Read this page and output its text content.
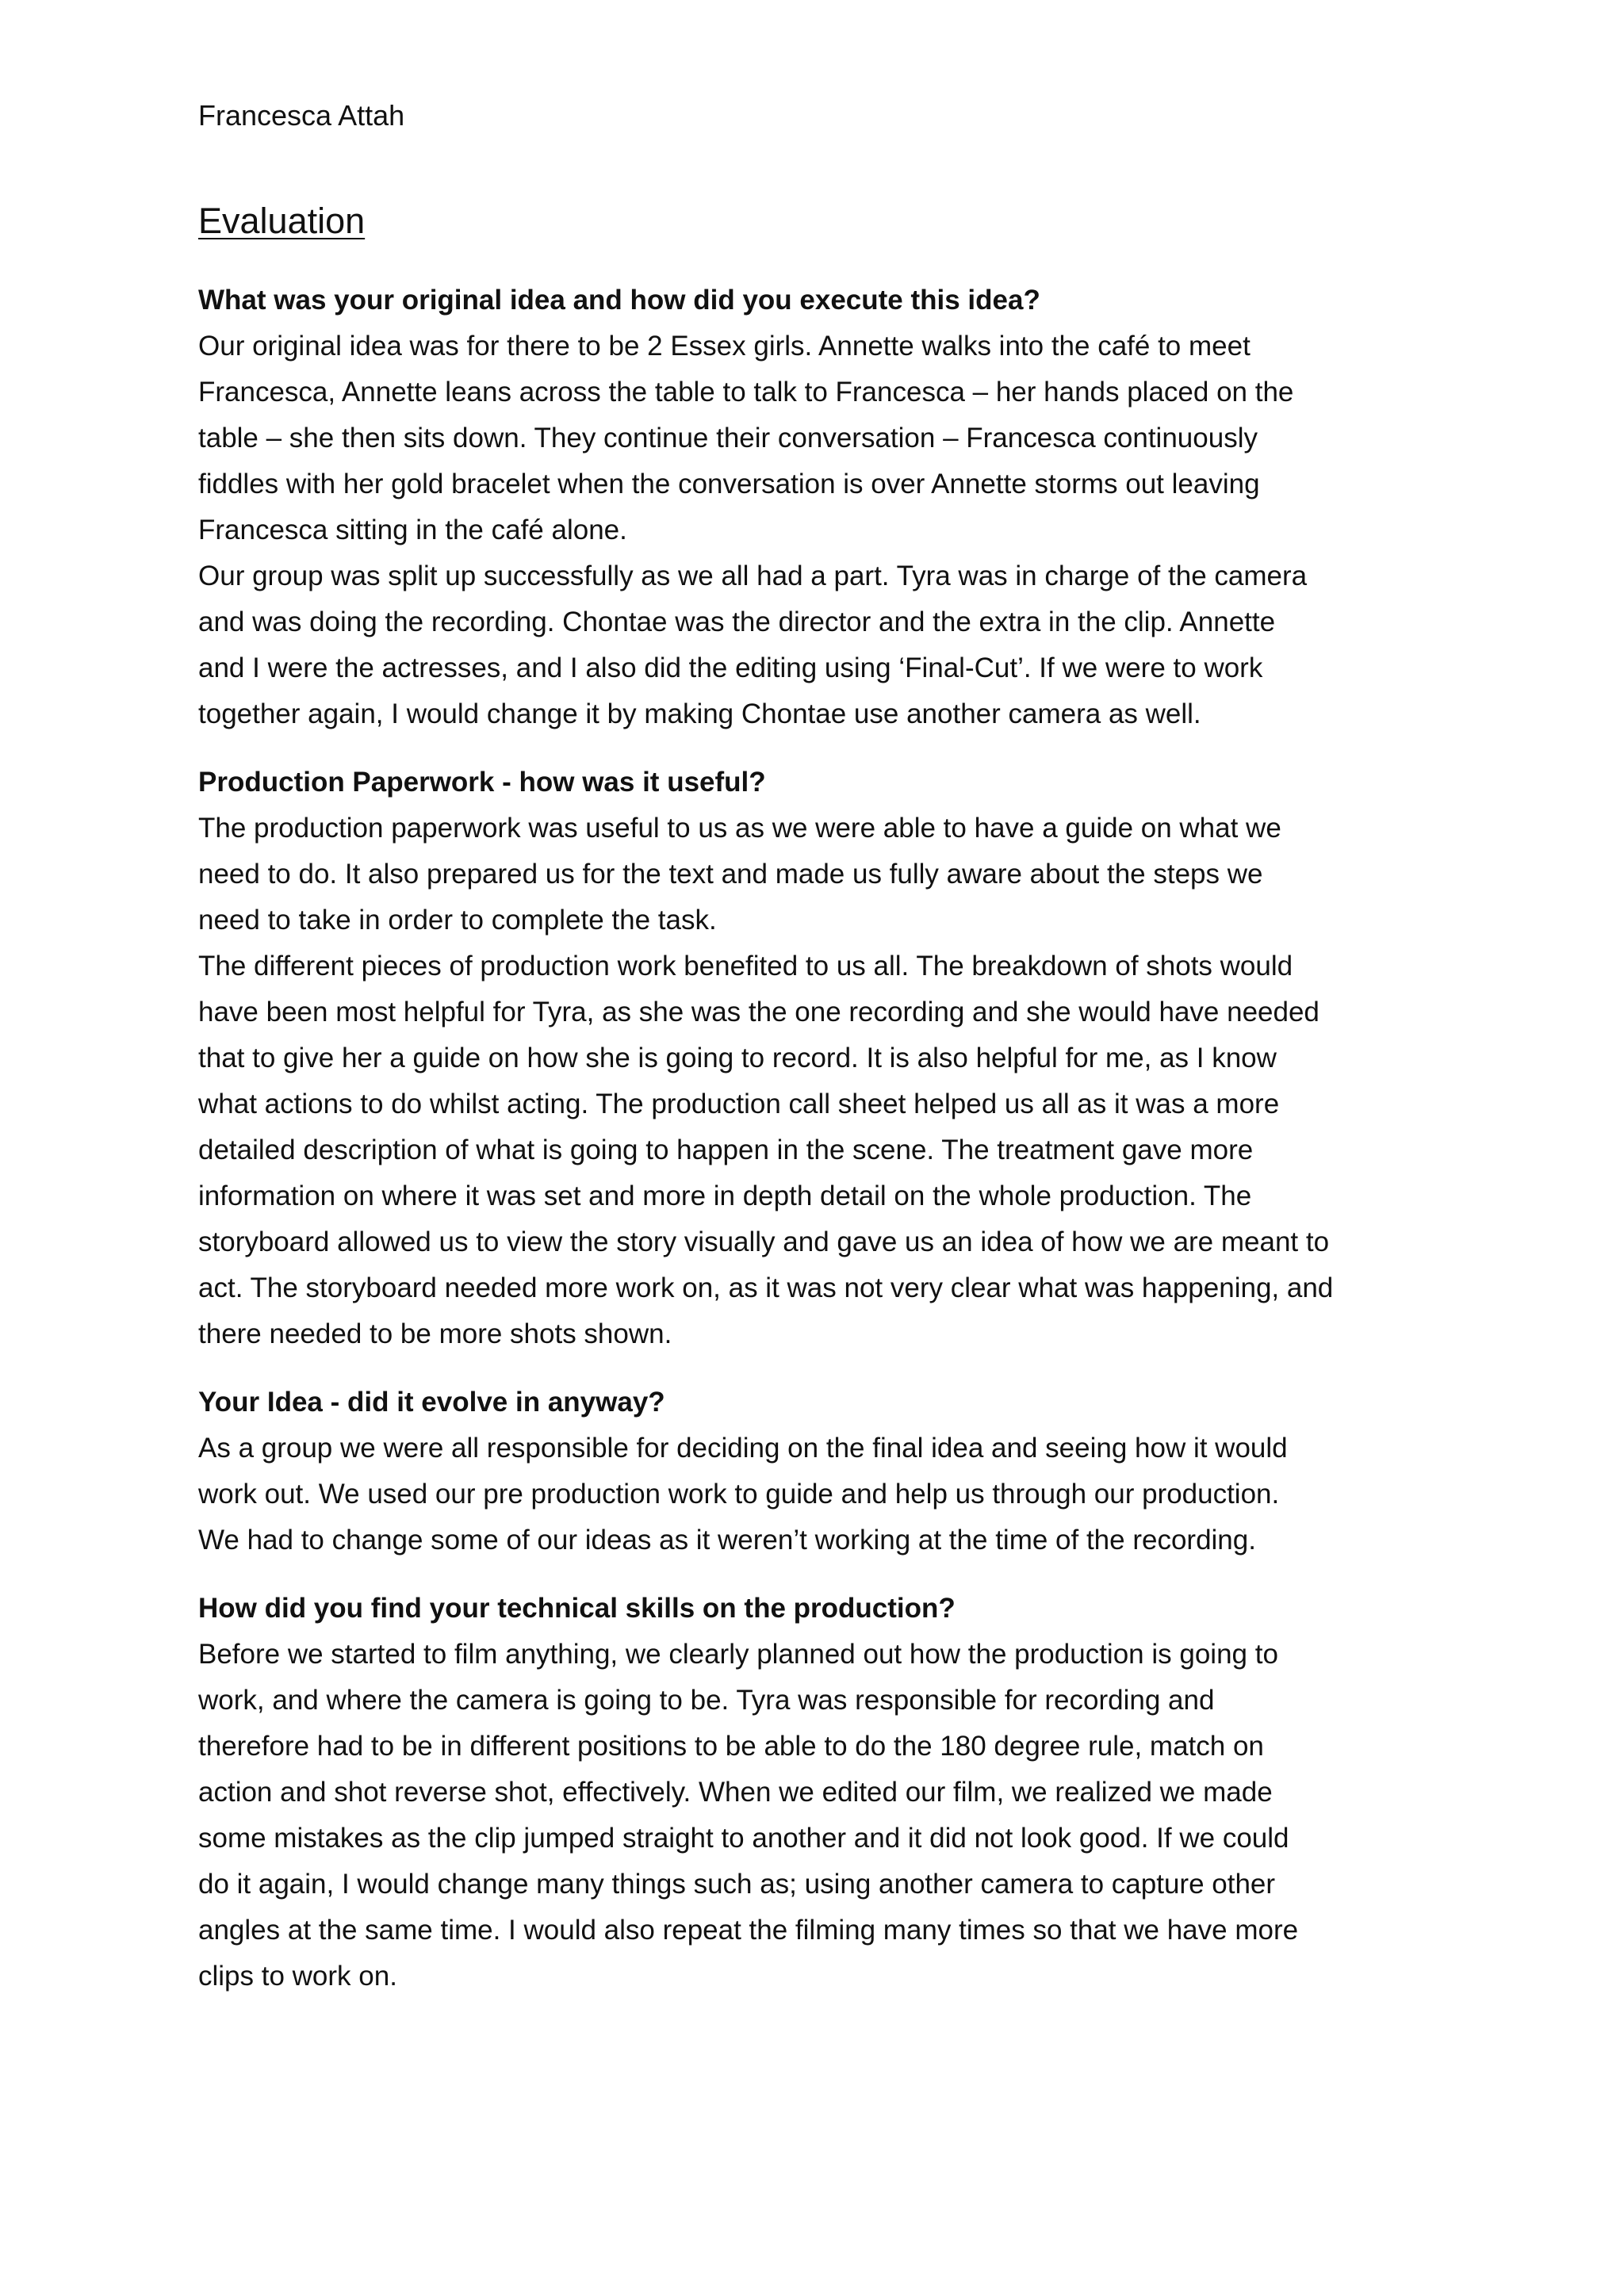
Francesca Attah
Evaluation
What was your original idea and how did you execute this idea?

Our original idea was for there to be 2 Essex girls. Annette walks into the café to meet
Francesca, Annette leans across the table to talk to Francesca – her hands placed on the
table – she then sits down. They continue their conversation – Francesca continuously
fiddles with her gold bracelet when the conversation is over Annette storms out leaving
Francesca sitting in the café alone.

Our group was split up successfully as we all had a part. Tyra was in charge of the camera
and was doing the recording. Chontae was the director and the extra in the clip. Annette
and I were the actresses, and I also did the editing using ‘Final-Cut’. If we were to work
together again, I would change it by making Chontae use another camera as well.

Production Paperwork - how was it useful?

The production paperwork was useful to us as we were able to have a guide on what we
need to do. It also prepared us for the text and made us fully aware about the steps we
need to take in order to complete the task.

The different pieces of production work benefited to us all. The breakdown of shots would
have been most helpful for Tyra, as she was the one recording and she would have needed
that to give her a guide on how she is going to record. It is also helpful for me, as I know
what actions to do whilst acting. The production call sheet helped us all as it was a more
detailed description of what is going to happen in the scene. The treatment gave more
information on where it was set and more in depth detail on the whole production. The
storyboard allowed us to view the story visually and gave us an idea of how we are meant to
act. The storyboard needed more work on, as it was not very clear what was happening, and
there needed to be more shots shown.

Your Idea - did it evolve in anyway?

As a group we were all responsible for deciding on the final idea and seeing how it would
work out. We used our pre production work to guide and help us through our production.
We had to change some of our ideas as it weren’t working at the time of the recording.

How did you find your technical skills on the production?

Before we started to film anything, we clearly planned out how the production is going to
work, and where the camera is going to be. Tyra was responsible for recording and
therefore had to be in different positions to be able to do the 180 degree rule, match on
action and shot reverse shot, effectively. When we edited our film, we realized we made
some mistakes as the clip jumped straight to another and it did not look good. If we could
do it again, I would change many things such as; using another camera to capture other
angles at the same time. I would also repeat the filming many times so that we have more
clips to work on.
